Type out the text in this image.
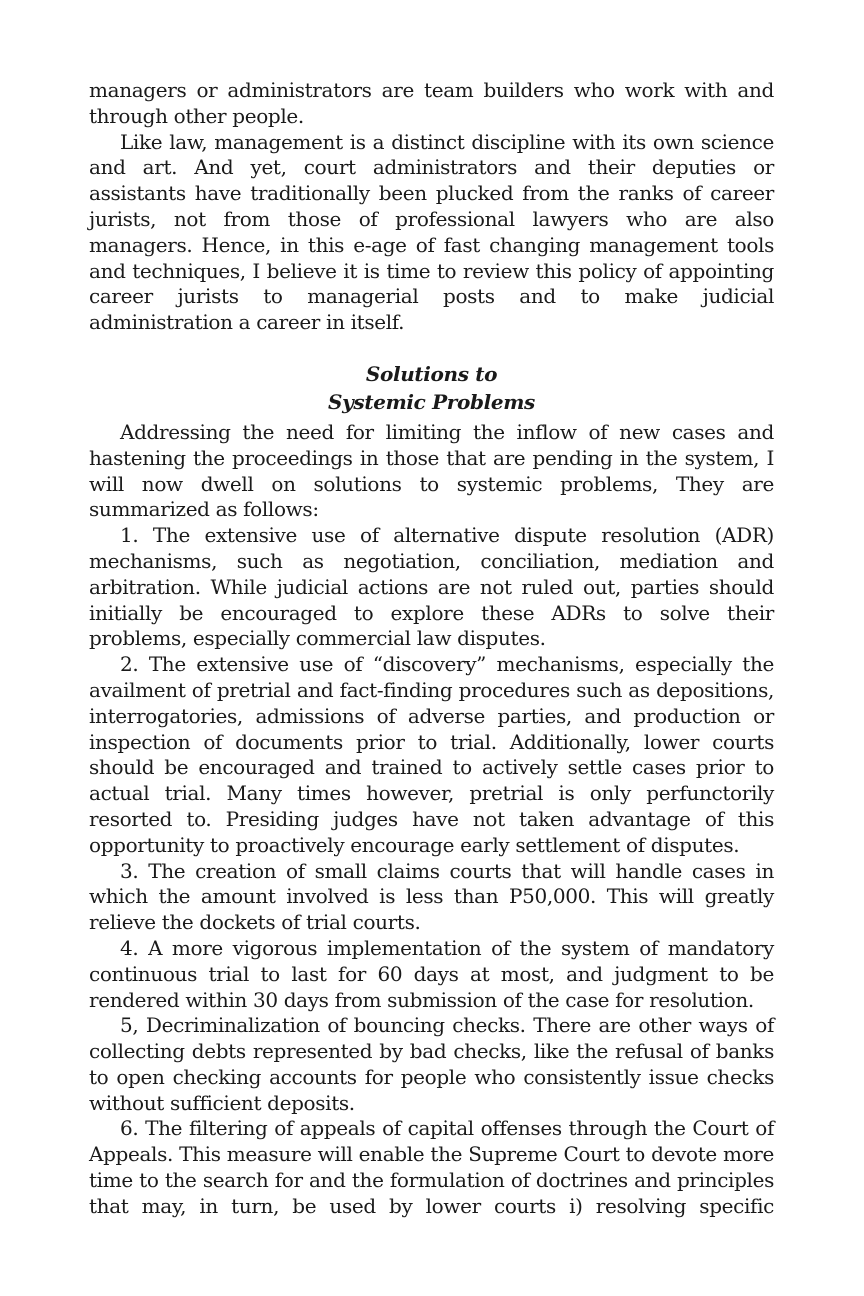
managers or administrators are team builders who work with and through other people.

Like law, management is a distinct discipline with its own science and art. And yet, court administrators and their deputies or assistants have traditionally been plucked from the ranks of career jurists, not from those of professional lawyers who are also managers. Hence, in this e-age of fast changing management tools and techniques, I believe it is time to review this policy of appointing career jurists to managerial posts and to make judicial administration a career in itself.

Solutions to
Systemic Problems

Addressing the need for limiting the inflow of new cases and hastening the proceedings in those that are pending in the system, I will now dwell on solutions to systemic problems, They are summarized as follows:

1. The extensive use of alternative dispute resolution (ADR) mechanisms, such as negotiation, conciliation, mediation and arbitration. While judicial actions are not ruled out, parties should initially be encouraged to explore these ADRs to solve their problems, especially commercial law disputes.

2. The extensive use of “discovery” mechanisms, especially the availment of pretrial and fact-finding procedures such as depositions, interrogatories, admissions of adverse parties, and production or inspection of documents prior to trial. Additionally, lower courts should be encouraged and trained to actively settle cases prior to actual trial. Many times however, pretrial is only perfunctorily resorted to. Presiding judges have not taken advantage of this opportunity to proactively encourage early settlement of disputes.

3. The creation of small claims courts that will handle cases in which the amount involved is less than P50,000. This will greatly relieve the dockets of trial courts.

4. A more vigorous implementation of the system of mandatory continuous trial to last for 60 days at most, and judgment to be rendered within 30 days from submission of the case for resolution.

5, Decriminalization of bouncing checks. There are other ways of collecting debts represented by bad checks, like the refusal of banks to open checking accounts for people who consistently issue checks without sufficient deposits.

6. The filtering of appeals of capital offenses through the Court of Appeals. This measure will enable the Supreme Court to devote more time to the search for and the formulation of doctrines and principles that may, in turn, be used by lower courts i) resolving specific
